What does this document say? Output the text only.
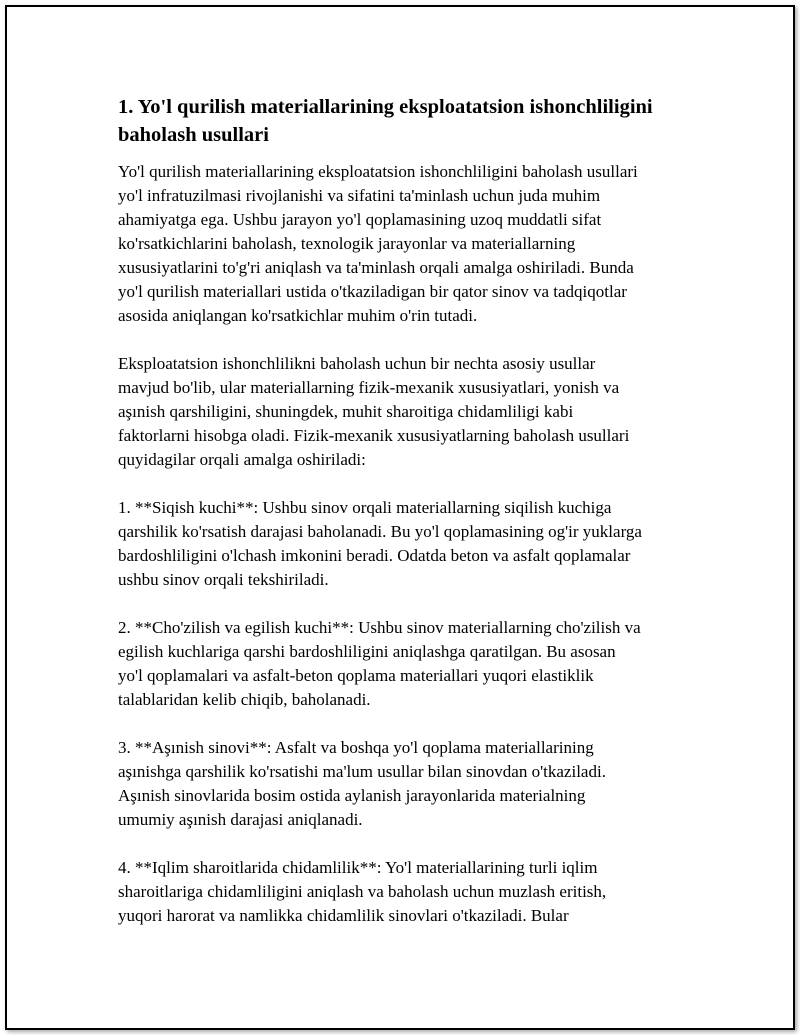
1. Yo'l qurilish materiallarining eksploatatsion ishonchliligini baholash usullari

Yo'l qurilish materiallarining eksploatatsion ishonchliligini baholash usullari
yo'l infratuzilmasi rivojlanishi va sifatini ta'minlash uchun juda muhim
ahamiyatga ega. Ushbu jarayon yo'l qoplamasining uzoq muddatli sifat
ko'rsatkichlarini baholash, texnologik jarayonlar va materiallarning
xususiyatlarini to'g'ri aniqlash va ta'minlash orqali amalga oshiriladi. Bunda
yo'l qurilish materiallari ustida o'tkaziladigan bir qator sinov va tadqiqotlar
asosida aniqlangan ko'rsatkichlar muhim o'rin tutadi.

Eksploatatsion ishonchlilikni baholash uchun bir nechta asosiy usullar
mavjud bo'lib, ular materiallarning fizik-mexanik xususiyatlari, yonish va
aşınish qarshiligini, shuningdek, muhit sharoitiga chidamliligi kabi
faktorlarni hisobga oladi. Fizik-mexanik xususiyatlarning baholash usullari
quyidagilar orqali amalga oshiriladi:

1. **Siqish kuchi**: Ushbu sinov orqali materiallarning siqilish kuchiga
qarshilik ko'rsatish darajasi baholanadi. Bu yo'l qoplamasining og'ir yuklarga
bardoshliligini o'lchash imkonini beradi. Odatda beton va asfalt qoplamalar
ushbu sinov orqali tekshiriladi.

2. **Cho'zilish va egilish kuchi**: Ushbu sinov materiallarning cho'zilish va
egilish kuchlariga qarshi bardoshliligini aniqlashga qaratilgan. Bu asosan
yo'l qoplamalari va asfalt-beton qoplama materiallari yuqori elastiklik
talablaridan kelib chiqib, baholanadi.

3. **Aşınish sinovi**: Asfalt va boshqa yo'l qoplama materiallarining
aşınishga qarshilik ko'rsatishi ma'lum usullar bilan sinovdan o'tkaziladi.
Aşınish sinovlarida bosim ostida aylanish jarayonlarida materialning
umumiy aşınish darajasi aniqlanadi.

4. **Iqlim sharoitlarida chidamlilik**: Yo'l materiallarining turli iqlim
sharoitlariga chidamliligini aniqlash va baholash uchun muzlash eritish,
yuqori harorat va namlikka chidamlilik sinovlari o'tkaziladi. Bular
